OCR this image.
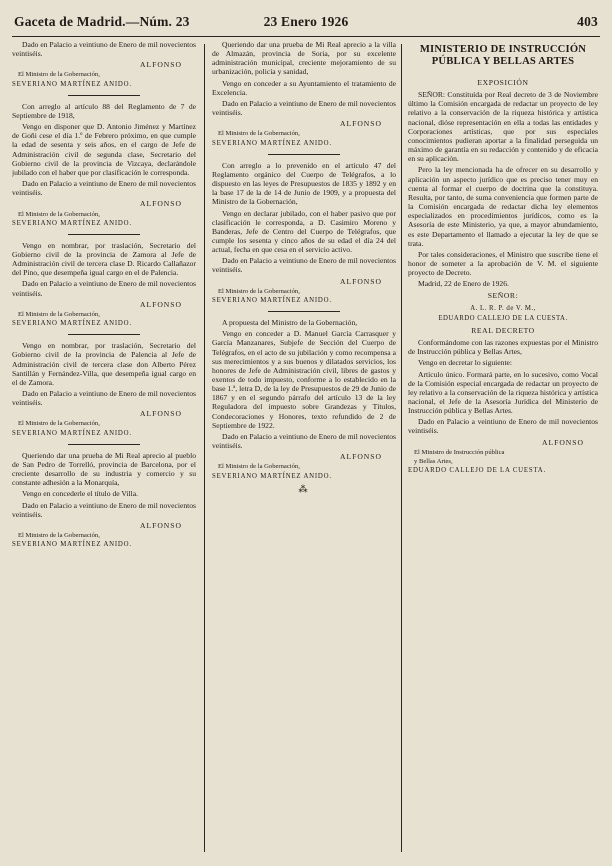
Gaceta de Madrid.—Núm. 23	23 Enero 1926	403

Dado en Palacio a veintiuno de Enero de mil novecientos veintiséis.

ALFONSO

El Ministro de la Gobernación,

SEVERIANO MARTÍNEZ ANIDO.

Con arreglo al artículo 88 del Reglamento de 7 de Septiembre de 1918,

Vengo en disponer que D. Antonio Jiménez y Martínez de Goñi cese el día 1.º de Febrero próximo, en que cumple la edad de sesenta y seis años, en el cargo de Jefe de Administración civil de segunda clase, Secretario del Gobierno civil de la provincia de Vizcaya, declarándole jubilado con el haber que por clasificación le corresponda.

Dado en Palacio a veintiuno de Enero de mil novecientos veintiséis.

ALFONSO

El Ministro de la Gobernación,

SEVERIANO MARTÍNEZ ANIDO.

Vengo en nombrar, por traslación, Secretario del Gobierno civil de la provincia de Zamora al Jefe de Administración civil de tercera clase D. Ricardo Callañazor del Pino, que desempeña igual cargo en el de Palencia.

Dado en Palacio a veintiuno de Enero de mil novecientos veintiséis.

ALFONSO

El Ministro de la Gobernación,

SEVERIANO MARTÍNEZ ANIDO.

Vengo en nombrar, por traslación, Secretario del Gobierno civil de la provincia de Palencia al Jefe de Administración civil de tercera clase don Alberto Pérez Santillán y Fernández-Villa, que desempeña igual cargo en el de Zamora.

Dado en Palacio a veintiuno de Enero de mil novecientos veintiséis.

ALFONSO

El Ministro de la Gobernación,

SEVERIANO MARTÍNEZ ANIDO.

Queriendo dar una prueba de Mi Real aprecio al pueblo de San Pedro de Torrelló, provincia de Barcelona, por el creciente desarrollo de su industria y comercio y su constante adhesión a la Monarquía,

Vengo en concederle el título de Villa.

Dado en Palacio a veintiuno de Enero de mil novecientos veintiséis.

ALFONSO

El Ministro de la Gobernación,

SEVERIANO MARTÍNEZ ANIDO.

Queriendo dar una prueba de Mi Real aprecio a la villa de Almazán, provincia de Soria, por su excelente administración municipal, creciente mejoramiento de su urbanización, policía y sanidad,

Vengo en conceder a su Ayuntamiento el tratamiento de Excelencia.

Dado en Palacio a veintiuno de Enero de mil novecientos veintiséis.

ALFONSO

El Ministro de la Gobernación,

SEVERIANO MARTÍNEZ ANIDO.

Con arreglo a lo prevenido en el artículo 47 del Reglamento orgánico del Cuerpo de Telégrafos, a lo dispuesto en las leyes de Presupuestos de 1835 y 1892 y en la base 17 de la de 14 de Junio de 1909, y a propuesta del Ministro de la Gobernación,

Vengo en declarar jubilado, con el haber pasivo que por clasificación le corresponda, a D. Casimiro Moreno y Banderas, Jefe de Centro del Cuerpo de Telégrafos, que cumple los sesenta y cinco años de su edad el día 24 del actual, fecha en que cesa en el servicio activo.

Dado en Palacio a veintiuno de Enero de mil novecientos veintiséis.

ALFONSO

El Ministro de la Gobernación,

SEVERIANO MARTÍNEZ ANIDO.

A propuesta del Ministro de la Gobernación,

Vengo en conceder a D. Manuel García Carrasquer y García Manzanares, Subjefe de Sección del Cuerpo de Telégrafos, en el acto de su jubilación y como recompensa a sus merecimientos y a sus buenos y dilatados servicios, los honores de Jefe de Administración civil, libres de gastos y exentos de todo impuesto, conforme a lo establecido en la base 1.ª, letra D, de la ley de Presupuestos de 29 de Junio de 1867 y en el segundo párrafo del artículo 13 de la ley Reguladora del impuesto sobre Grandezas y Títulos, Condecoraciones y Honores, texto refundido de 2 de Septiembre de 1922.

Dado en Palacio a veintiuno de Enero de mil novecientos veintiséis.

ALFONSO

El Ministro de la Gobernación,

SEVERIANO MARTÍNEZ ANIDO.

⁂
MINISTERIO DE INSTRUCCIÓN PÚBLICA Y BELLAS ARTES

EXPOSICIÓN

SEÑOR: Constituída por Real decreto de 3 de Noviembre último la Comisión encargada de redactar un proyecto de ley relativo a la conservación de la riqueza histórica y artística nacional, dióse representación en ella a todas las entidades y Corporaciones artísticas, que por sus especiales conocimientos pudieran aportar a la finalidad perseguida un máximo de garantía en su redacción y contenido y de eficacia en su aplicación.

Pero la ley mencionada ha de ofrecer en su desarrollo y aplicación un aspecto jurídico que es preciso tener muy en cuenta al formar el cuerpo de doctrina que la constituya. Resulta, por tanto, de suma conveniencia que formen parte de la Comisión encargada de redactar dicha ley elementos especializados en procedimientos jurídicos, como es la Asesoría de este Ministerio, ya que, a mayor abundamiento, es este Departamento el llamado a ejecutar la ley de que se trata.

Por tales consideraciones, el Ministro que suscribe tiene el honor de someter a la aprobación de V. M. el siguiente proyecto de Decreto.

Madrid, 22 de Enero de 1926.

SEÑOR:

A. L. R. P. de V. M.,

EDUARDO CALLEJO DE LA CUESTA.

REAL DECRETO

Conformándome con las razones expuestas por el Ministro de Instrucción pública y Bellas Artes,

Vengo en decretar lo siguiente:

Artículo único. Formará parte, en lo sucesivo, como Vocal de la Comisión especial encargada de redactar un proyecto de ley relativo a la conservación de la riqueza histórica y artística nacional, el Jefe de la Asesoría Jurídica del Ministerio de Instrucción pública y Bellas Artes.

Dado en Palacio a veintiuno de Enero de mil novecientos veintiséis.

ALFONSO

El Ministro de Instrucción pública

y Bellas Artes,

EDUARDO CALLEJO DE LA CUESTA.
